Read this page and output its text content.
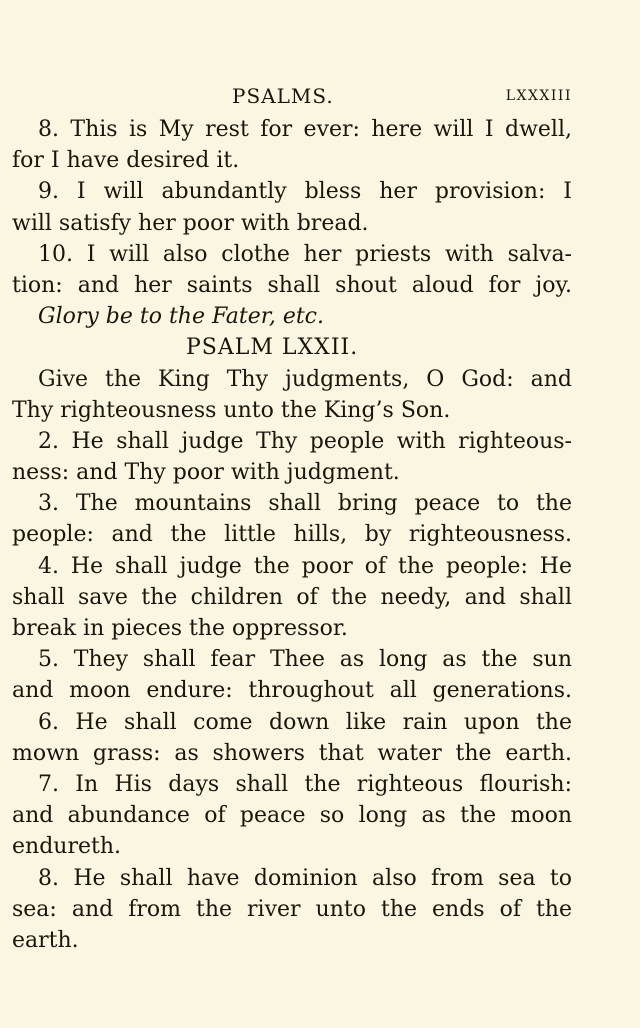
PSALMS.	LXXXIII
8. This is My rest for ever: here will I dwell,
for I have desired it.
9. I will abundantly bless her provision: I
will satisfy her poor with bread.
10. I will also clothe her priests with salva-
tion: and her saints shall shout aloud for joy.
Glory be to the Fater, etc.
PSALM LXXII.
Give the King Thy judgments, O God: and
Thy righteousness unto the King’s Son.
2. He shall judge Thy people with righteous-
ness: and Thy poor with judgment.
3. The mountains shall bring peace to the
people: and the little hills, by righteousness.
4. He shall judge the poor of the people: He
shall save the children of the needy, and shall
break in pieces the oppressor.
5. They shall fear Thee as long as the sun
and moon endure: throughout all generations.
6. He shall come down like rain upon the
mown grass: as showers that water the earth.
7. In His days shall the righteous flourish:
and abundance of peace so long as the moon
endureth.
8. He shall have dominion also from sea to
sea: and from the river unto the ends of the
earth.
